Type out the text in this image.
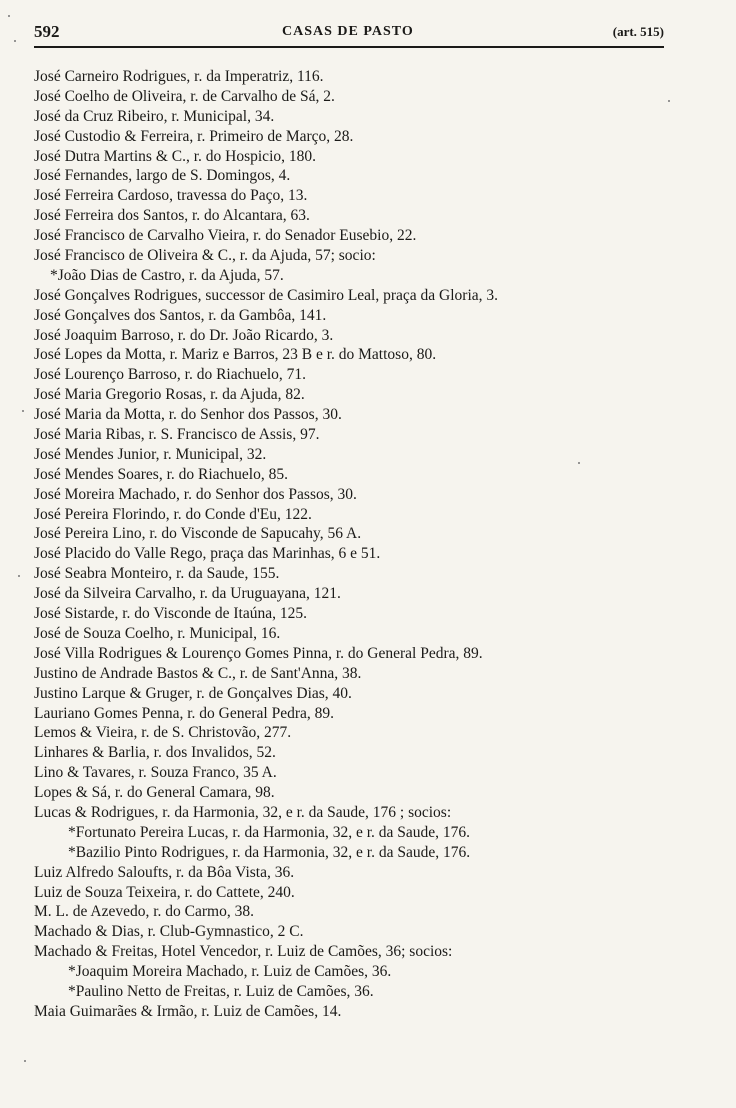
592	CASAS DE PASTO	(art. 515)
José Carneiro Rodrigues, r. da Imperatriz, 116.
José Coelho de Oliveira, r. de Carvalho de Sá, 2.
José da Cruz Ribeiro, r. Municipal, 34.
José Custodio & Ferreira, r. Primeiro de Março, 28.
José Dutra Martins & C., r. do Hospicio, 180.
José Fernandes, largo de S. Domingos, 4.
José Ferreira Cardoso, travessa do Paço, 13.
José Ferreira dos Santos, r. do Alcantara, 63.
José Francisco de Carvalho Vieira, r. do Senador Eusebio, 22.
José Francisco de Oliveira & C., r. da Ajuda, 57; socio:
*João Dias de Castro, r. da Ajuda, 57.
José Gonçalves Rodrigues, successor de Casimiro Leal, praça da Gloria, 3.
José Gonçalves dos Santos, r. da Gambôa, 141.
José Joaquim Barroso, r. do Dr. João Ricardo, 3.
José Lopes da Motta, r. Mariz e Barros, 23 B e r. do Mattoso, 80.
José Lourenço Barroso, r. do Riachuelo, 71.
José Maria Gregorio Rosas, r. da Ajuda, 82.
José Maria da Motta, r. do Senhor dos Passos, 30.
José Maria Ribas, r. S. Francisco de Assis, 97.
José Mendes Junior, r. Municipal, 32.
José Mendes Soares, r. do Riachuelo, 85.
José Moreira Machado, r. do Senhor dos Passos, 30.
José Pereira Florindo, r. do Conde d'Eu, 122.
José Pereira Lino, r. do Visconde de Sapucahy, 56 A.
José Placido do Valle Rego, praça das Marinhas, 6 e 51.
José Seabra Monteiro, r. da Saude, 155.
José da Silveira Carvalho, r. da Uruguayana, 121.
José Sistarde, r. do Visconde de Itaúna, 125.
José de Souza Coelho, r. Municipal, 16.
José Villa Rodrigues & Lourenço Gomes Pinna, r. do General Pedra, 89.
Justino de Andrade Bastos & C., r. de Sant'Anna, 38.
Justino Larque & Gruger, r. de Gonçalves Dias, 40.
Lauriano Gomes Penna, r. do General Pedra, 89.
Lemos & Vieira, r. de S. Christovão, 277.
Linhares & Barlia, r. dos Invalidos, 52.
Lino & Tavares, r. Souza Franco, 35 A.
Lopes & Sá, r. do General Camara, 98.
Lucas & Rodrigues, r. da Harmonia, 32, e r. da Saude, 176 ; socios:
*Fortunato Pereira Lucas, r. da Harmonia, 32, e r. da Saude, 176.
*Bazilio Pinto Rodrigues, r. da Harmonia, 32, e r. da Saude, 176.
Luiz Alfredo Saloufts, r. da Bôa Vista, 36.
Luiz de Souza Teixeira, r. do Cattete, 240.
M. L. de Azevedo, r. do Carmo, 38.
Machado & Dias, r. Club-Gymnastico, 2 C.
Machado & Freitas, Hotel Vencedor, r. Luiz de Camões, 36; socios:
*Joaquim Moreira Machado, r. Luiz de Camões, 36.
*Paulino Netto de Freitas, r. Luiz de Camões, 36.
Maia Guimarães & Irmão, r. Luiz de Camões, 14.
